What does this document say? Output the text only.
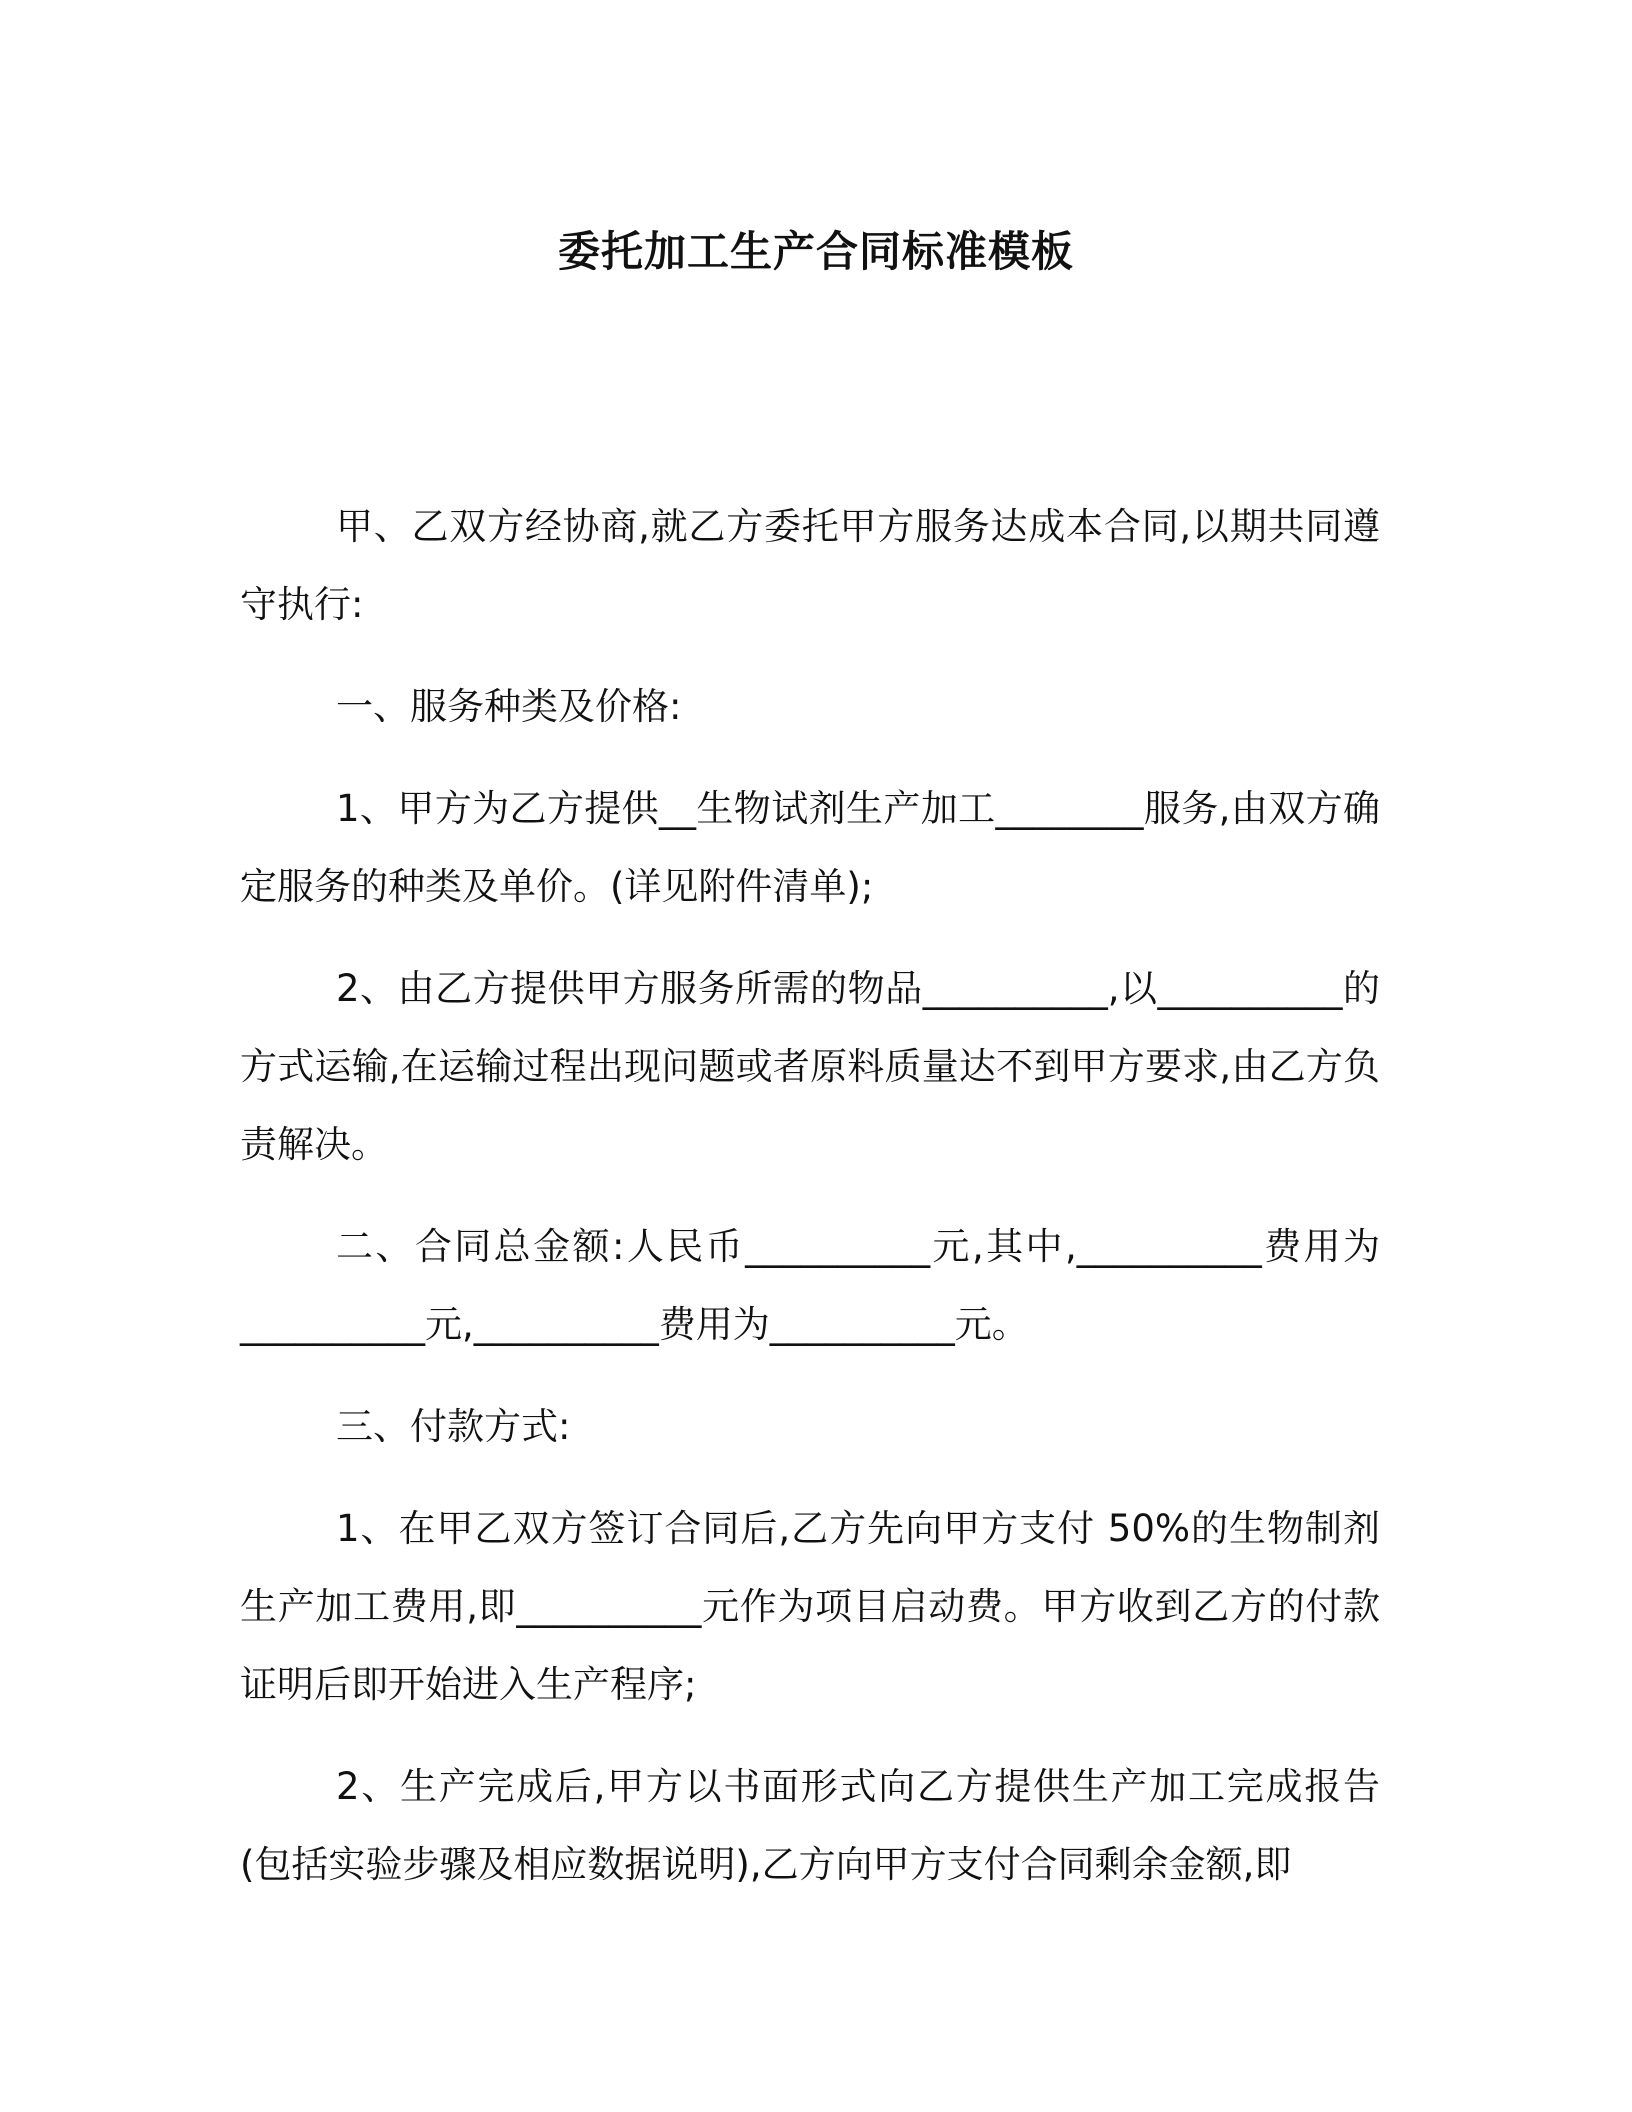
委托加工生产合同标准模板

甲、乙双方经协商,就乙方委托甲方服务达成本合同,以期共同遵守执行:

一、服务种类及价格:

1、甲方为乙方提供__生物试剂生产加工________服务,由双方确定服务的种类及单价。(详见附件清单);

2、由乙方提供甲方服务所需的物品__________,以__________的方式运输,在运输过程出现问题或者原料质量达不到甲方要求,由乙方负责解决。

二、合同总金额:人民币__________元,其中,__________费用为__________元,__________费用为__________元。

三、付款方式:

1、在甲乙双方签订合同后,乙方先向甲方支付 50%的生物制剂生产加工费用,即__________元作为项目启动费。甲方收到乙方的付款证明后即开始进入生产程序;

2、生产完成后,甲方以书面形式向乙方提供生产加工完成报告(包括实验步骤及相应数据说明),乙方向甲方支付合同剩余金额,即
